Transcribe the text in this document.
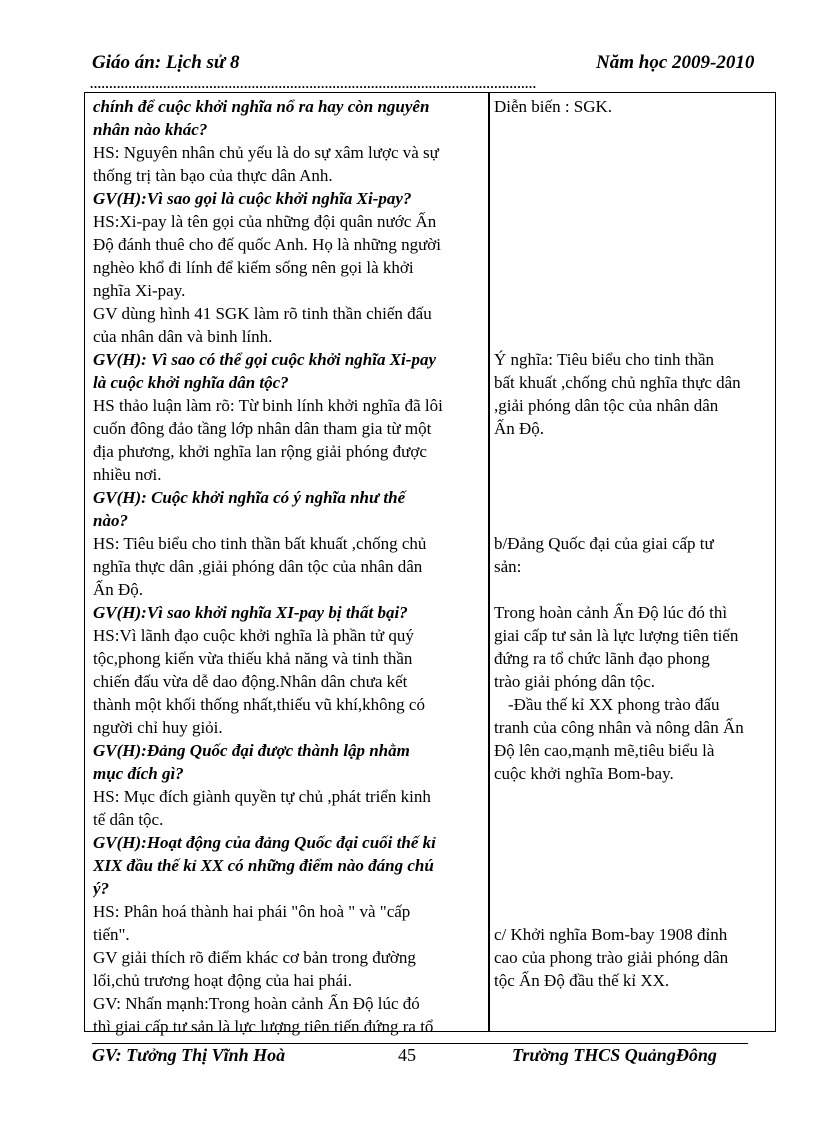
Giáo án: Lịch sử 8	Năm học 2009-2010
....................................................................................................................
chính để cuộc khởi nghĩa nổ ra hay còn nguyên
nhân nào khác?
HS: Nguyên nhân chủ yếu là do sự xâm lược và sự
thống trị tàn bạo của thực dân Anh.
GV(H):Vì sao gọi là cuộc khởi nghĩa Xi-pay?
HS:Xi-pay là tên gọi của những đội quân nước Ấn
Độ đánh thuê cho đế quốc Anh. Họ là những người
nghèo khổ đi lính để kiếm sống nên gọi là khởi
nghĩa Xi-pay.
GV dùng hình 41 SGK làm rõ tinh thần chiến đấu
của nhân dân và binh lính.
GV(H): Vì sao có thể gọi cuộc khởi nghĩa Xi-pay
là cuộc khởi nghĩa dân tộc?
HS thảo luận làm rõ: Từ binh lính khởi nghĩa đã lôi
cuốn đông đảo tầng lớp nhân dân tham gia từ một
địa phương, khởi nghĩa lan rộng giải phóng được
nhiều nơi.
GV(H): Cuộc khởi nghĩa có ý nghĩa như thế
nào?
HS: Tiêu biểu cho tinh thần bất khuất ,chống chủ
nghĩa thực dân ,giải phóng dân tộc của nhân dân
Ấn Độ.
GV(H):Vì sao khởi nghĩa XI-pay bị thất bại?
HS:Vì lãnh đạo cuộc khởi nghĩa là phần tử quý
tộc,phong kiến vừa thiếu khả năng và tinh thần
chiến đấu vừa dễ dao động.Nhân dân chưa kết
thành một khối thống nhất,thiếu vũ khí,không có
người chỉ huy giỏi.
GV(H):Đảng Quốc đại được thành lập nhằm
mục đích gì?
HS: Mục đích giành quyền tự chủ ,phát triển kinh
tế dân tộc.
GV(H):Hoạt động của đảng Quốc đại cuối thế kỉ
XIX đầu thế kỉ XX có những điểm nào đáng chú
ý?
HS: Phân hoá thành hai phái "ôn hoà " và "cấp
tiến".
GV giải thích rõ điểm khác cơ bản trong đường
lối,chủ trương hoạt động của hai phái.
GV: Nhấn mạnh:Trong hoàn cảnh Ấn Độ lúc đó
thì giai cấp tư sản là lực lượng tiên tiến đứng ra tổ
Diễn biến : SGK.
Ý nghĩa: Tiêu biểu cho tinh thần
bất khuất ,chống chủ nghĩa thực dân
,giải phóng dân tộc của nhân dân
Ấn Độ.
b/Đảng Quốc đại của giai cấp tư
sản:
Trong hoàn cảnh Ấn Độ lúc đó thì
giai cấp tư sản là lực lượng tiên tiến
đứng ra tổ chức lãnh đạo phong
trào giải phóng dân tộc.
-Đầu thế kỉ XX phong trào đấu
tranh của công nhân và nông dân Ấn
Độ lên cao,mạnh mẽ,tiêu biểu là
cuộc khởi nghĩa Bom-bay.
c/ Khởi nghĩa Bom-bay 1908 đỉnh
cao của phong trào giải phóng dân
tộc Ấn Độ đầu thế kỉ XX.
GV: Tưởng Thị Vĩnh Hoà	45	Trường THCS QuảngĐông
